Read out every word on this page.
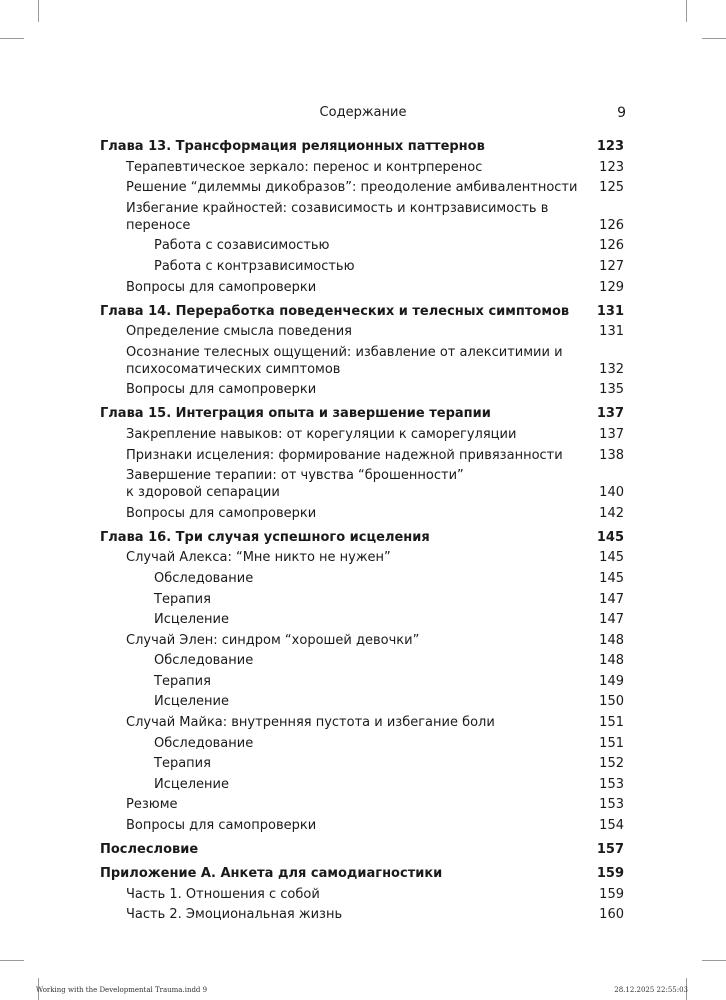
Содержание	9
Глава 13. Трансформация реляционных паттернов	123
Терапевтическое зеркало: перенос и контрперенос	123
Решение “дилеммы дикобразов”: преодоление амбивалентности	125
Избегание крайностей: созависимость и контрзависимость в переносе	126
Работа с созависимостью	126
Работа с контрзависимостью	127
Вопросы для самопроверки	129
Глава 14. Переработка поведенческих и телесных симптомов	131
Определение смысла поведения	131
Осознание телесных ощущений: избавление от алекситимии и
психосоматических симптомов	132
Вопросы для самопроверки	135
Глава 15. Интеграция опыта и завершение терапии	137
Закрепление навыков: от корегуляции к саморегуляции	137
Признаки исцеления: формирование надежной привязанности	138
Завершение терапии: от чувства “брошенности”
к здоровой сепарации	140
Вопросы для самопроверки	142
Глава 16. Три случая успешного исцеления	145
Случай Алекса: “Мне никто не нужен”	145
Обследование	145
Терапия	147
Исцеление	147
Случай Элен: синдром “хорошей девочки”	148
Обследование	148
Терапия	149
Исцеление	150
Случай Майка: внутренняя пустота и избегание боли	151
Обследование	151
Терапия	152
Исцеление	153
Резюме	153
Вопросы для самопроверки	154
Послесловие	157
Приложение А. Анкета для самодиагностики	159
Часть 1. Отношения с собой	159
Часть 2. Эмоциональная жизнь	160
Working with the Developmental Trauma.indd 9	28.12.2025 22:55:03
